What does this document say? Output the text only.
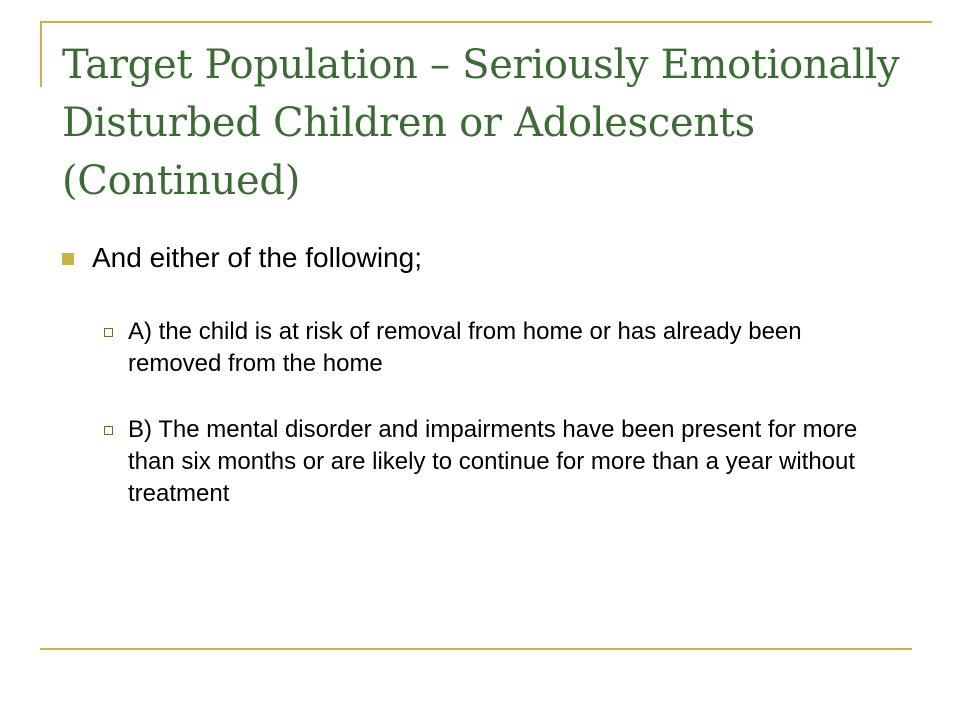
Target Population – Seriously Emotionally Disturbed Children or Adolescents (Continued)

And either of the following;

A) the child is at risk of removal from home or has already been removed from the home
B) The mental disorder and impairments have been present for more than six months or are likely to continue for more than a year without treatment
